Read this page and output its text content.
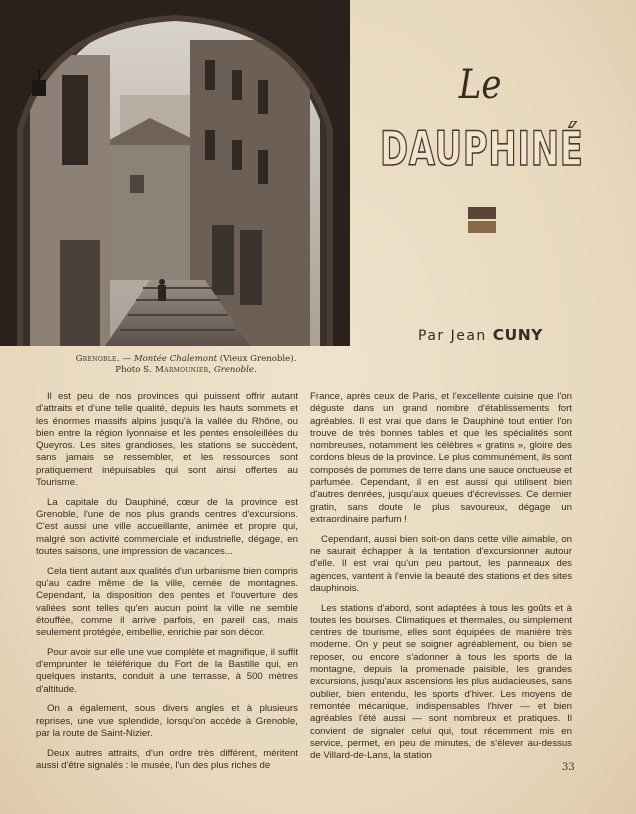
Grenoble. — Montée Chalemont (Vieux Grenoble).
Photo S. Marmounier, Grenoble.
Le
DAUPHINÉ
Par Jean CUNY

Il est peu de nos provinces qui puissent offrir autant d'attraits et d'une telle qualité, depuis les hauts sommets et les énormes massifs alpins jusqu'à la vallée du Rhône, ou bien entre la région lyonnaise et les pentes ensoleillées du Queyros. Les sites grandioses, les stations se succèdent, sans jamais se ressembler, et les ressources sont pratiquement inépuisables qui sont ainsi offertes au Tourisme.

La capitale du Dauphiné, cœur de la province est Grenoble, l'une de nos plus grands centres d'excursions. C'est aussi une ville accueillante, animée et propre qui, malgré son activité commerciale et industrielle, dégage, en toutes saisons, une impression de vacances...

Cela tient autant aux qualités d'un urbanisme bien compris qu'au cadre même de la ville, cernée de montagnes. Cependant, la disposition des pentes et l'ouverture des vallées sont telles qu'en aucun point la ville ne semble étouffée, comme il arrive parfois, en pareil cas, mais seulement protégée, embellie, enrichie par son décor.

Pour avoir sur elle une vue complète et magnifique, il suffit d'emprunter le téléférique du Fort de la Bastille qui, en quelques instants, conduit à une terrasse, à 500 mètres d'altitude.

On a également, sous divers angles et à plusieurs reprises, une vue splendide, lorsqu'on accède à Grenoble, par la route de Saint-Nizier.

Deux autres attraits, d'un ordre très différent, méritent aussi d'être signalés : le musée, l'un des plus riches de

France, après ceux de Paris, et l'excellente cuisine que l'on déguste dans un grand nombre d'établissements fort agréables. Il est vrai que dans le Dauphiné tout entier l'on trouve de très bonnes tables et que les spécialités sont nombreuses, notamment les célèbres « gratins », gloire des cordons bleus de la province. Le plus communément, ils sont composés de pommes de terre dans une sauce onctueuse et parfumée. Cependant, il en est aussi qui utilisent bien d'autres denrées, jusqu'aux queues d'écrevisses. Ce dernier gratin, sans doute le plus savoureux, dégage un extraordinaire parfum !

Cependant, aussi bien soit-on dans cette ville aimable, on ne saurait échapper à la tentation d'excursionner autour d'elle. Il est vrai qu'un peu partout, les panneaux des agences, vantent à l'envie la beauté des stations et des sites dauphinois.

Les stations d'abord, sont adaptées à tous les goûts et à toutes les bourses. Climatiques et thermales, ou simplement centres de tourisme, elles sont équipées de manière très moderne. On y peut se soigner agréablement, ou bien se reposer, ou encore s'adonner à tous les sports de la montagne, depuis la promenade paisible, les grandes excursions, jusqu'aux ascensions les plus audacieuses, sans oublier, bien entendu, les sports d'hiver. Les moyens de remontée mécanique, indispensables l'hiver — et bien agréables l'été aussi — sont nombreux et pratiques. Il convient de signaler celui qui, tout récemment mis en service, permet, en peu de minutes, de s'élever au-dessus de Villard-de-Lans, la station

33
